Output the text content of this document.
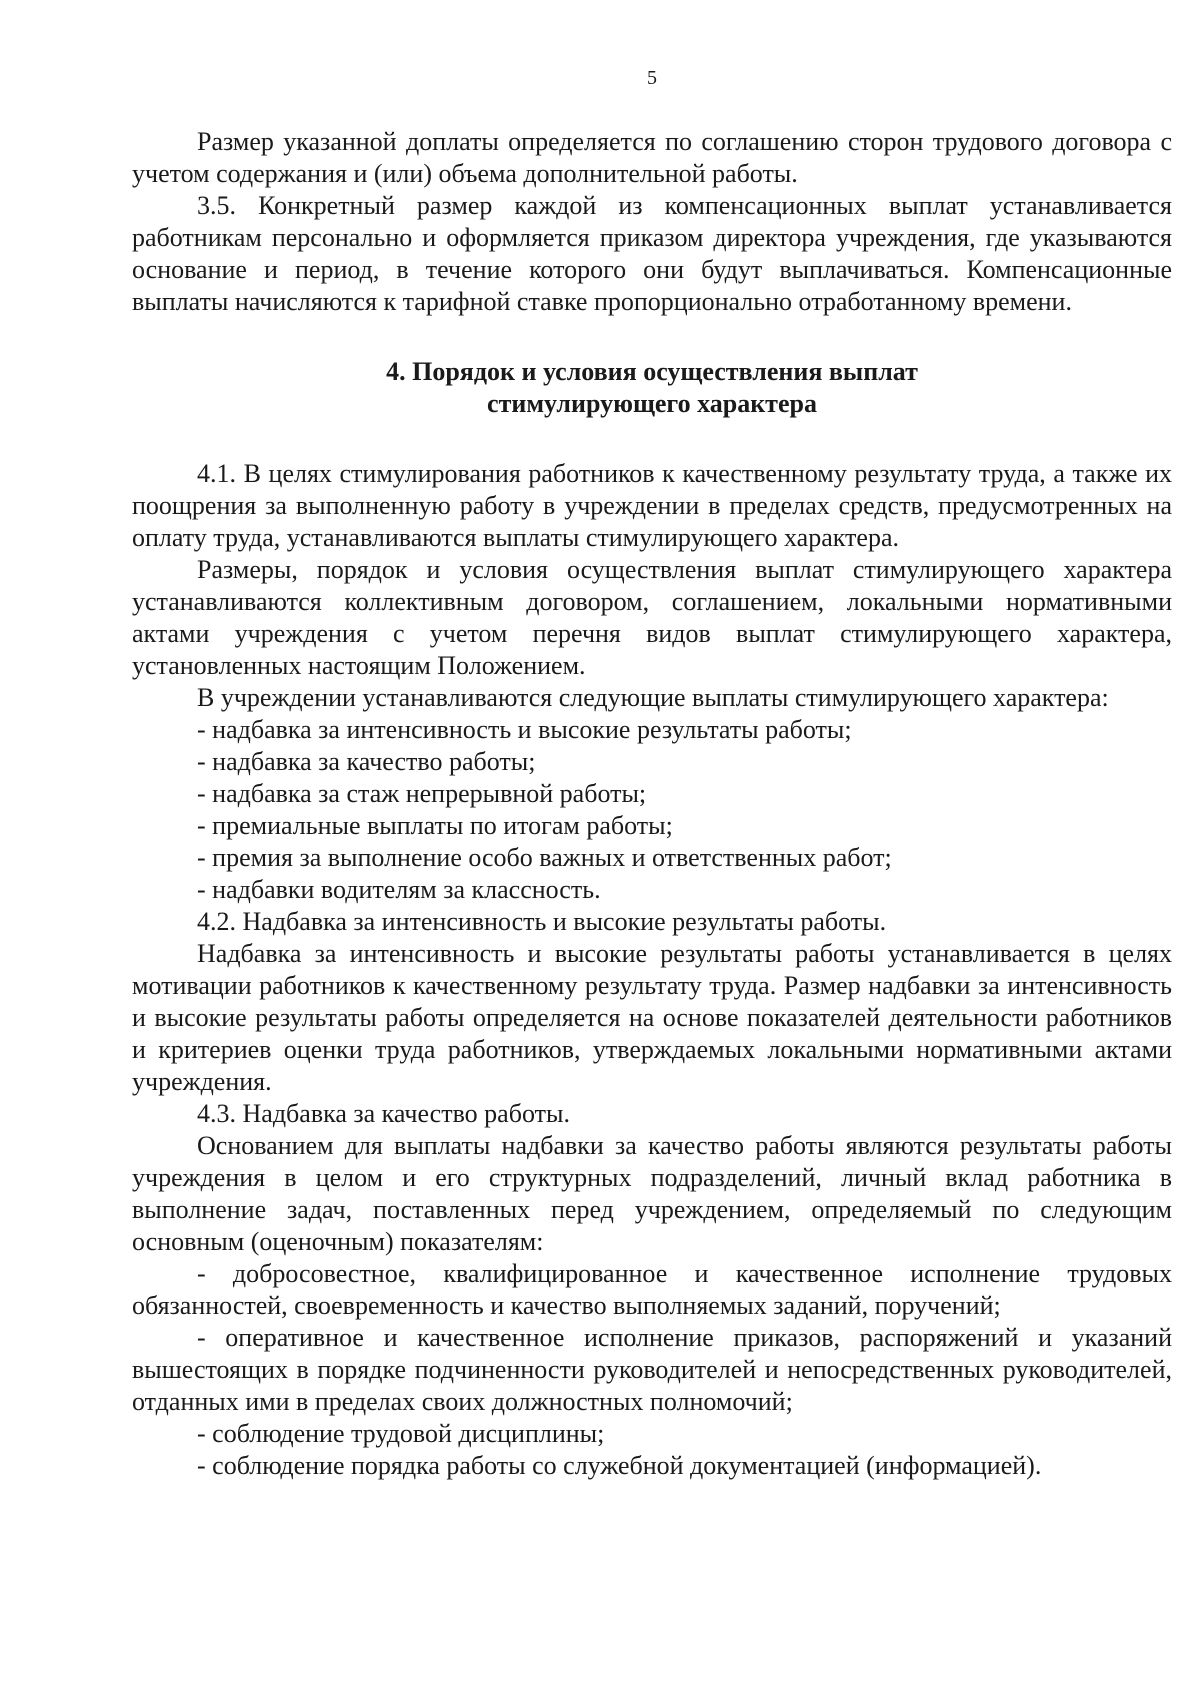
5

Размер указанной доплаты определяется по соглашению сторон трудового договора с учетом содержания и (или) объема дополнительной работы.

3.5. Конкретный размер каждой из компенсационных выплат устанавливается работникам персонально и оформляется приказом директора учреждения, где указываются основание и период, в течение которого они будут выплачиваться. Компенсационные выплаты начисляются к тарифной ставке пропорционально отработанному времени.

4. Порядок и условия осуществления выплат
стимулирующего характера

4.1. В целях стимулирования работников к качественному результату труда, а также их поощрения за выполненную работу в учреждении в пределах средств, предусмотренных на оплату труда, устанавливаются выплаты стимулирующего характера.

Размеры, порядок и условия осуществления выплат стимулирующего характера устанавливаются коллективным договором, соглашением, локальными нормативными актами учреждения с учетом перечня видов выплат стимулирующего характера, установленных настоящим Положением.

В учреждении устанавливаются следующие выплаты стимулирующего характера:

- надбавка за интенсивность и высокие результаты работы;

- надбавка за качество работы;

- надбавка за стаж непрерывной работы;

- премиальные выплаты по итогам работы;

- премия за выполнение особо важных и ответственных работ;

- надбавки водителям за классность.

4.2. Надбавка за интенсивность и высокие результаты работы.

Надбавка за интенсивность и высокие результаты работы устанавливается в целях мотивации работников к качественному результату труда. Размер надбавки за интенсивность и высокие результаты работы определяется на основе показателей деятельности работников и критериев оценки труда работников, утверждаемых локальными нормативными актами учреждения.

4.3. Надбавка за качество работы.

Основанием для выплаты надбавки за качество работы являются результаты работы учреждения в целом и его структурных подразделений, личный вклад работника в выполнение задач, поставленных перед учреждением, определяемый по следующим основным (оценочным) показателям:

- добросовестное, квалифицированное и качественное исполнение трудовых обязанностей, своевременность и качество выполняемых заданий, поручений;

- оперативное и качественное исполнение приказов, распоряжений и указаний вышестоящих в порядке подчиненности руководителей и непосредственных руководителей, отданных ими в пределах своих должностных полномочий;

- соблюдение трудовой дисциплины;

- соблюдение порядка работы со служебной документацией (информацией).
